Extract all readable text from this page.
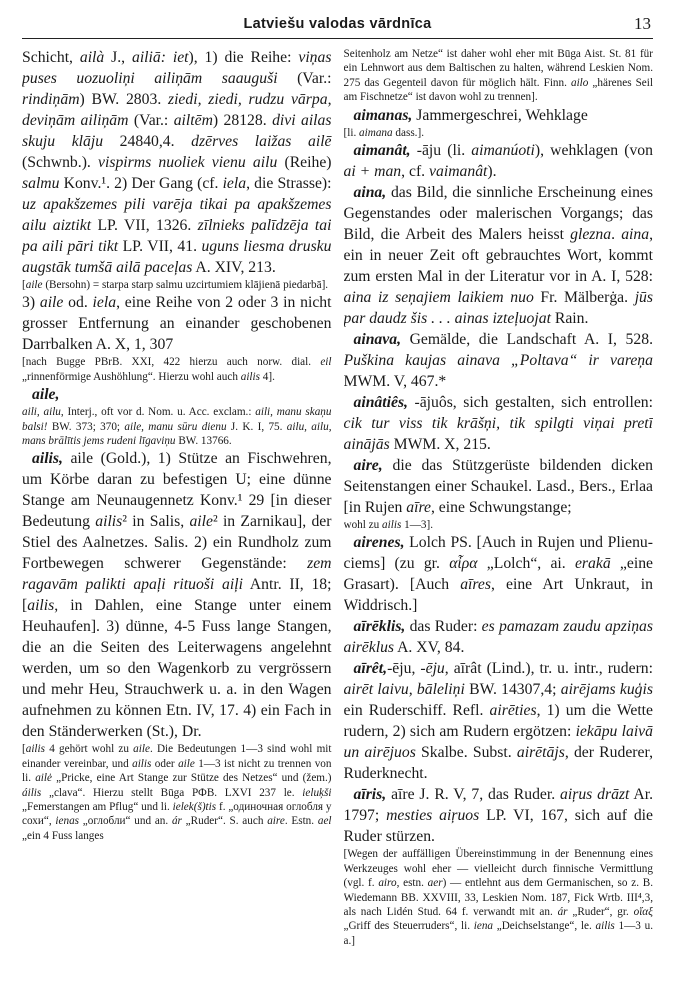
Latviešu valodas vārdnīca	13

Schicht, ailà J., ailiā: iet), 1) die Reihe: viņas puses uozuoliņi ailiņām saauguši (Var.: rindiņām) BW. 2803. ziedi, ziedi, rudzu vārpa, deviņām ailiņām (Var.: ailtēm) 28128. divi ailas skuju klāju 24840,4. dzērves laižas ailē (Schwnb.). vispirms nuoliek vienu ailu (Reihe) salmu Konv.¹. 2) Der Gang (cf. iela, die Strasse): uz apakšzemes pili varēja tikai pa apakšzemes ailu aiztikt LP. VII, 1326. zīlnieks palīdzēja tai pa aili pāri tikt LP. VII, 41. uguns liesma drusku augstāk tumšā ailā paceļas A. XIV, 213.

[aile (Bersohn) = starpa starp salmu uzcirtumiem klājienā piedarbā].

3) aile od. iela, eine Reihe von 2 oder 3 in nicht grosser Entfernung an einander geschobenen Darrbalken A. X, 1, 307

[nach Bugge PBrB. XXI, 422 hierzu auch norw. dial. eil „rinnenförmige Aushöhlung“. Hierzu wohl auch ailis 4].

aile,

aili, ailu, Interj., oft vor d. Nom. u. Acc. exclam.: aili, manu skaņu balsi! BW. 373; 370; aile, manu sūru dienu J. K. I, 75. ailu, ailu, mans brālītis jems rudeni līgaviņu BW. 13766.

ailis, aile (Gold.), 1) Stütze an Fischwehren, um Körbe daran zu befestigen U; eine dünne Stange am Neunaugennetz Konv.¹ 29 [in dieser Bedeutung ailis² in Salis, aile² in Zarnikau], der Stiel des Aalnetzes. Salis. 2) ein Rundholz zum Fortbewegen schwerer Gegenstände: zem ragavām palikti apaļi rituoši aiļi Antr. II, 18; [ailis, in Dahlen, eine Stange unter einem Heuhaufen]. 3) dünne, 4-5 Fuss lange Stangen, die an die Seiten des Leiterwagens angelehnt werden, um so den Wagenkorb zu vergrössern und mehr Heu, Strauchwerk u. a. in den Wagen aufnehmen zu können Etn. IV, 17. 4) ein Fach in den Ständerwerken (St.), Dr.

[ailis 4 gehört wohl zu aile. Die Bedeutungen 1—3 sind wohl mit einander vereinbar, und ailis oder aile 1—3 ist nicht zu trennen von li. ailė „Pricke, eine Art Stange zur Stütze des Netzes“ und (žem.) áilis „clava“. Hierzu stellt Būga РФВ. LXVI 237 le. ieluķši „Femerstangen am Pflug“ und li. ielek(š)tis f. „одиночная оглобля у сохи“, ienas „оглобли“ und an. ár „Ruder“. S. auch aire. Estn. ael „ein 4 Fuss langes

Seitenholz am Netze“ ist daher wohl eher mit Būga Aist. St. 81 für ein Lehnwort aus dem Baltischen zu halten, während Leskien Nom. 275 das Gegenteil davon für möglich hält. Finn. ailo „härenes Seil am Fischnetze“ ist davon wohl zu trennen].

aimanas, Jammergeschrei, Wehklage

[li. aimana dass.].

aimanât, -āju (li. aimanúoti), wehklagen (von ai + man, cf. vaimanât).

aina, das Bild, die sinnliche Erscheinung eines Gegenstandes oder malerischen Vorgangs; das Bild, die Arbeit des Malers heisst glezna. aina, ein in neuer Zeit oft gebrauchtes Wort, kommt zum ersten Mal in der Literatur vor in A. I, 528: aina iz seņajiem laikiem nuo Fr. Mälberġa. jūs par daudz šis . . . ainas izteļuojat Rain.

ainava, Gemälde, die Landschaft A. I, 528. Puškina kaujas ainava „Poltava“ ir vareņa MWM. V, 467.*

ainâtiês, -ājuôs, sich gestalten, sich entrollen: cik tur viss tik krāšņi, tik spilgti viņai pretī ainājās MWM. X, 215.

aire, die das Stützgerüste bildenden dicken Seitenstangen einer Schaukel. Lasd., Bers., Erlaa [in Rujen aīre, eine Schwungstange;

wohl zu ailis 1—3].

airenes, Lolch PS. [Auch in Rujen und Plienu-ciems] (zu gr. αἶρα „Lolch“, ai. erakā „eine Grasart). [Auch aīres, eine Art Unkraut, in Widdrisch.]

aīrēklis, das Ruder: es pamazam zaudu apziņas airēklus A. XV, 84.

aīrêt,-ēju, -ēju, aīrât (Lind.), tr. u. intr., rudern: airēt laivu, bāleliņi BW. 14307,4; airējams kuģis ein Ruderschiff. Refl. airēties, 1) um die Wette rudern, 2) sich am Rudern ergötzen: iekāpu laivā un airējuos Skalbe. Subst. airētājs, der Ruderer, Ruderknecht.

aīris, aīre J. R. V, 7, das Ruder. aiŗus drāzt Ar. 1797; mesties aiŗuos LP. VI, 167, sich auf die Ruder stürzen.

[Wegen der auffälligen Übereinstimmung in der Benennung eines Werkzeuges wohl eher — vielleicht durch finnische Vermittlung (vgl. f. airo, estn. aer) — entlehnt aus dem Germanischen, so z. B. Wiedemann BB. XXVIII, 33, Leskien Nom. 187, Fick Wrtb. III⁴,3, als nach Lidén Stud. 64 f. verwandt mit an. ár „Ruder“, gr. οἴαξ „Griff des Steuerruders“, li. iena „Deichselstange“, le. ailis 1—3 u. a.]
